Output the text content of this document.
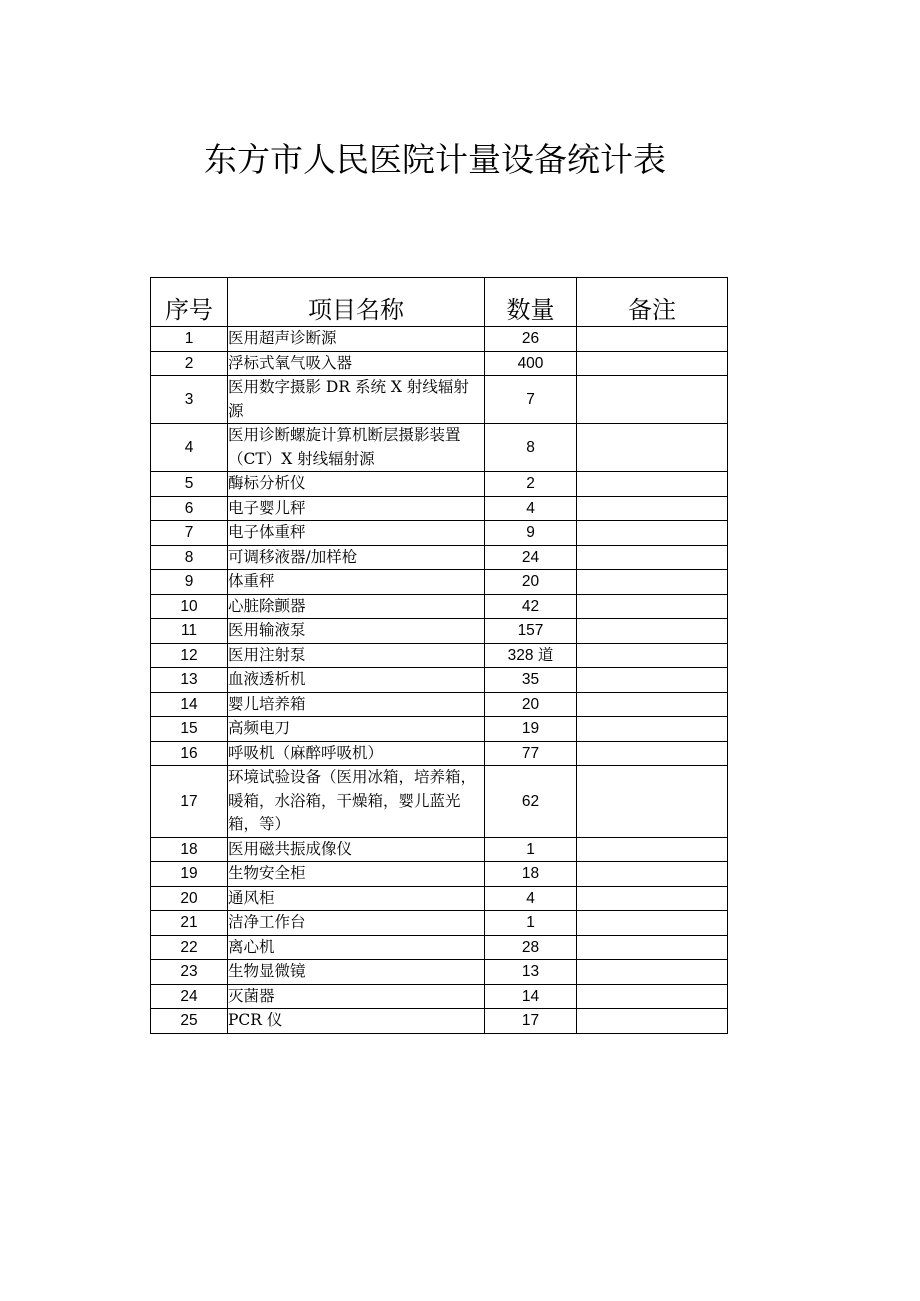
东方市人民医院计量设备统计表
序号	项目名称	数量	备注
1	医用超声诊断源	26	
2	浮标式氧气吸入器	400	
3	医用数字摄影 DR 系统 X 射线辐射源	7	
4	医用诊断螺旋计算机断层摄影装置（CT）X 射线辐射源	8	
5	酶标分析仪	2	
6	电子婴儿秤	4	
7	电子体重秤	9	
8	可调移液器/加样枪	24	
9	体重秤	20	
10	心脏除颤器	42	
11	医用输液泵	157	
12	医用注射泵	328 道	
13	血液透析机	35	
14	婴儿培养箱	20	
15	高频电刀	19	
16	呼吸机（麻醉呼吸机）	77	
17	环境试验设备（医用冰箱，培养箱，暖箱，水浴箱，干燥箱，婴儿蓝光箱，等）	62	
18	医用磁共振成像仪	1	
19	生物安全柜	18	
20	通风柜	4	
21	洁净工作台	1	
22	离心机	28	
23	生物显微镜	13	
24	灭菌器	14	
25	PCR 仪	17	
